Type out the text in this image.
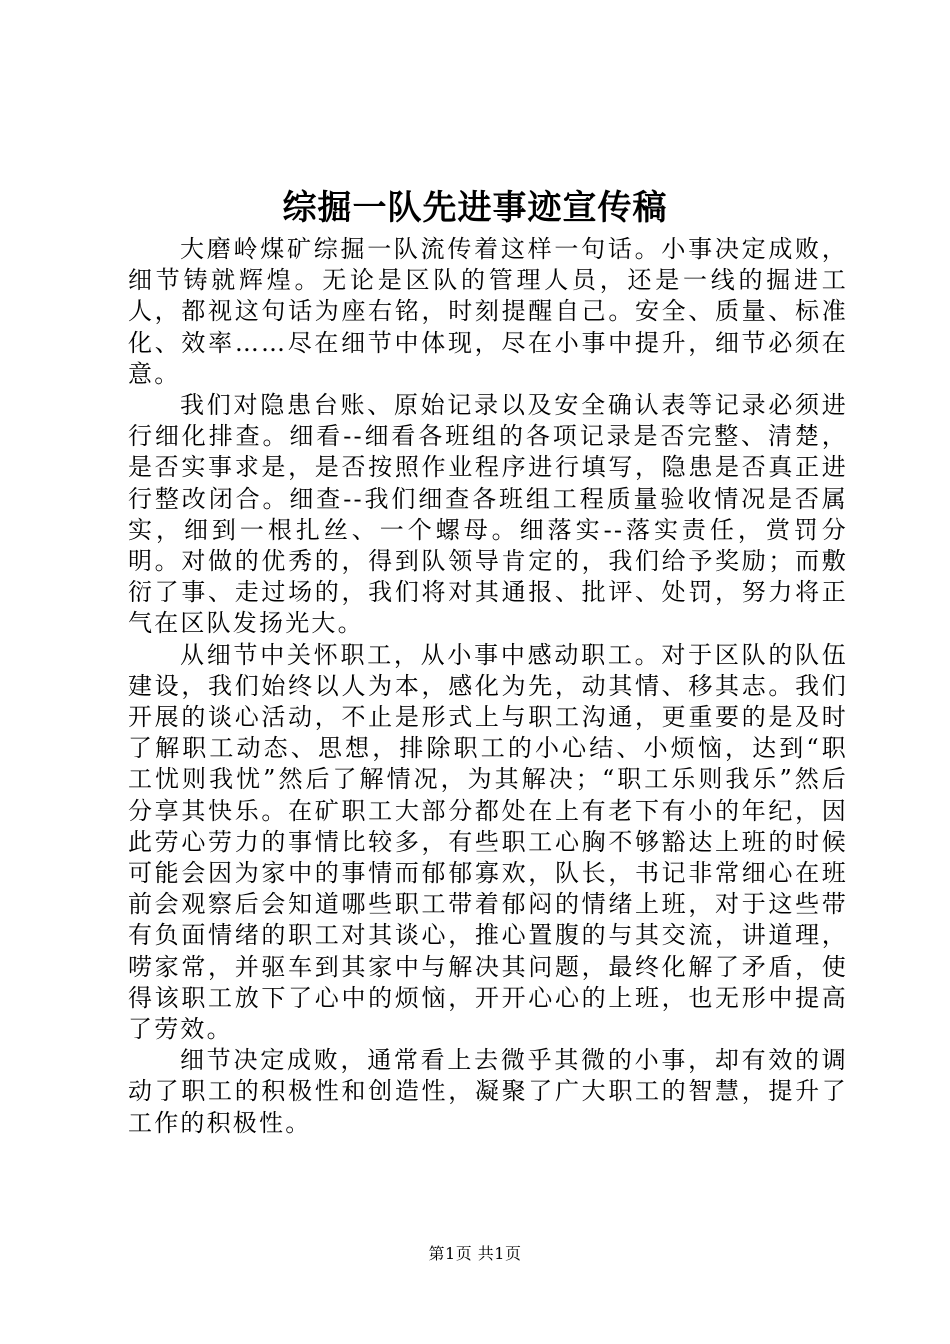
综掘一队先进事迹宣传稿

大磨岭煤矿综掘一队流传着这样一句话。小事决定成败，细节铸就辉煌。无论是区队的管理人员，还是一线的掘进工人，都视这句话为座右铭，时刻提醒自己。安全、质量、标准化、效率……尽在细节中体现，尽在小事中提升，细节必须在意。

我们对隐患台账、原始记录以及安全确认表等记录必须进行细化排查。细看--细看各班组的各项记录是否完整、清楚，是否实事求是，是否按照作业程序进行填写，隐患是否真正进行整改闭合。细查--我们细查各班组工程质量验收情况是否属实，细到一根扎丝、一个螺母。细落实--落实责任，赏罚分明。对做的优秀的，得到队领导肯定的，我们给予奖励；而敷衍了事、走过场的，我们将对其通报、批评、处罚，努力将正气在区队发扬光大。

从细节中关怀职工，从小事中感动职工。对于区队的队伍建设，我们始终以人为本，感化为先，动其情、移其志。我们开展的谈心活动，不止是形式上与职工沟通，更重要的是及时了解职工动态、思想，排除职工的小心结、小烦恼，达到“职工忧则我忧”然后了解情况，为其解决；“职工乐则我乐”然后分享其快乐。在矿职工大部分都处在上有老下有小的年纪，因此劳心劳力的事情比较多，有些职工心胸不够豁达上班的时候可能会因为家中的事情而郁郁寡欢，队长，书记非常细心在班前会观察后会知道哪些职工带着郁闷的情绪上班，对于这些带有负面情绪的职工对其谈心，推心置腹的与其交流，讲道理，唠家常，并驱车到其家中与解决其问题，最终化解了矛盾，使得该职工放下了心中的烦恼，开开心心的上班，也无形中提高了劳效。

细节决定成败，通常看上去微乎其微的小事，却有效的调动了职工的积极性和创造性，凝聚了广大职工的智慧，提升了工作的积极性。

第1页 共1页
